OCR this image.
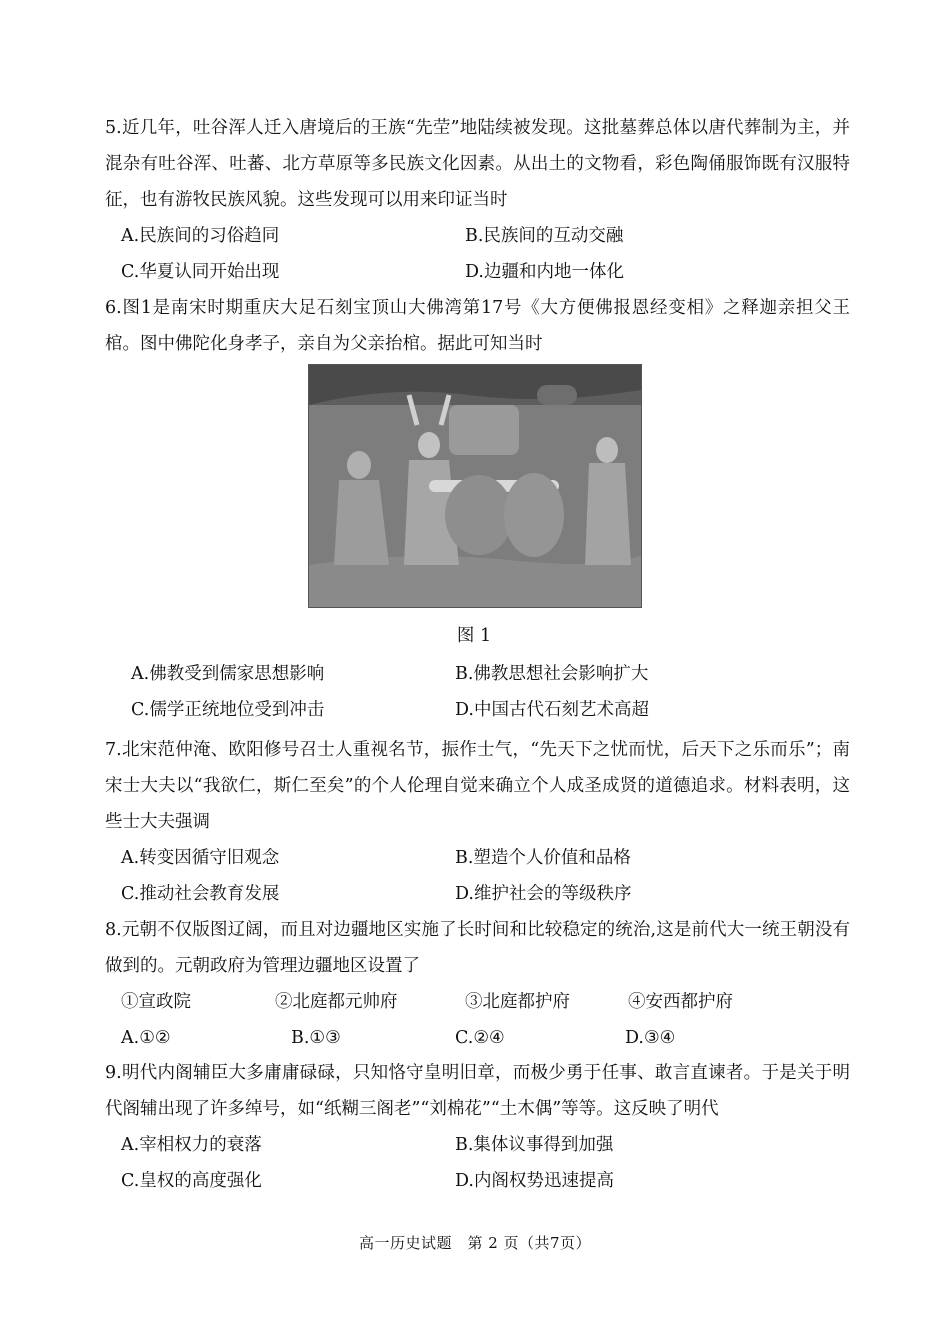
5.近几年，吐谷浑人迁入唐境后的王族“先茔”地陆续被发现。这批墓葬总体以唐代葬制为主，并混杂有吐谷浑、吐蕃、北方草原等多民族文化因素。从出土的文物看，彩色陶俑服饰既有汉服特征，也有游牧民族风貌。这些发现可以用来印证当时
A.民族间的习俗趋同	B.民族间的互动交融
C.华夏认同开始出现	D.边疆和内地一体化
6.图1是南宋时期重庆大足石刻宝顶山大佛湾第17号《大方便佛报恩经变相》之释迦亲担父王棺。图中佛陀化身孝子，亲自为父亲抬棺。据此可知当时
图 1
A.佛教受到儒家思想影响	B.佛教思想社会影响扩大
C.儒学正统地位受到冲击	D.中国古代石刻艺术高超
7.北宋范仲淹、欧阳修号召士人重视名节，振作士气，“先天下之忧而忧，后天下之乐而乐”；南宋士大夫以“我欲仁，斯仁至矣”的个人伦理自觉来确立个人成圣成贤的道德追求。材料表明，这些士大夫强调
A.转变因循守旧观念	B.塑造个人价值和品格
C.推动社会教育发展	D.维护社会的等级秩序
8.元朝不仅版图辽阔，而且对边疆地区实施了长时间和比较稳定的统治,这是前代大一统王朝没有做到的。元朝政府为管理边疆地区设置了
①宣政院	②北庭都元帅府	③北庭都护府	④安西都护府
A.①②	B.①③	C.②④	D.③④
9.明代内阁辅臣大多庸庸碌碌，只知恪守皇明旧章，而极少勇于任事、敢言直谏者。于是关于明代阁辅出现了许多绰号，如“纸糊三阁老”“刘棉花”“土木偶”等等。这反映了明代
A.宰相权力的衰落	B.集体议事得到加强
C.皇权的高度强化	D.内阁权势迅速提高
高一历史试题　第 2 页（共7页）
